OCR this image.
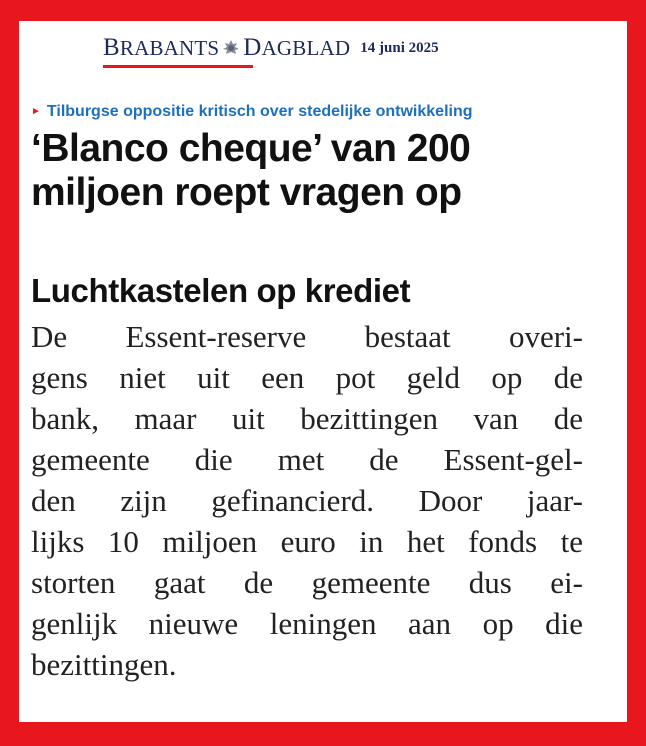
BRABANTS DAGBLAD 14 juni 2025
► Tilburgse oppositie kritisch over stedelijke ontwikkeling
‘Blanco cheque’ van 200
miljoen roept vragen op
Luchtkastelen op krediet
De Essent-reserve bestaat overi-
gens niet uit een pot geld op de
bank, maar uit bezittingen van de
gemeente die met de Essent-gel-
den zijn gefinancierd. Door jaar-
lijks 10 miljoen euro in het fonds te
storten gaat de gemeente dus ei-
genlijk nieuwe leningen aan op die
bezittingen.
